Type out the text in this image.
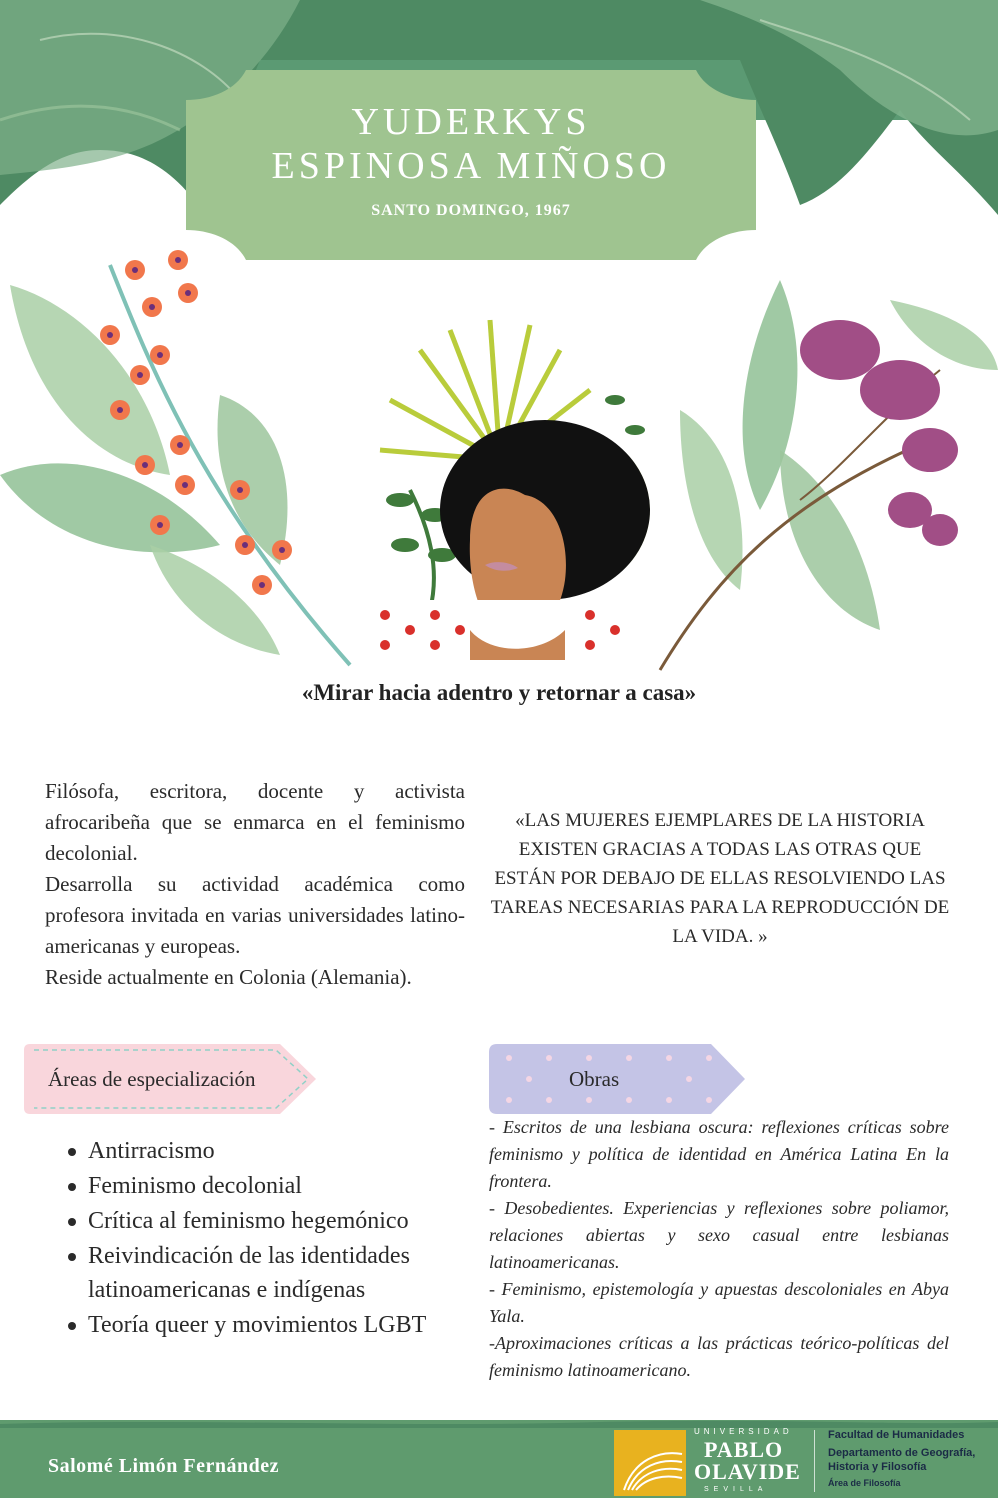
YUDERKYS
ESPINOSA MIÑOSO
SANTO DOMINGO, 1967
«Mirar hacia adentro y retornar a casa»

Filósofa, escritora, docente y activista afrocaribeña que se enmarca en el feminismo decolonial.

Desarrolla su actividad académica como profesora invitada en varias universidades latino-americanas y europeas.

Reside actualmente en Colonia (Alemania).

«LAS MUJERES EJEMPLARES DE LA HISTORIA EXISTEN GRACIAS A TODAS LAS OTRAS QUE ESTÁN POR DEBAJO DE ELLAS RESOLVIENDO LAS TAREAS NECESARIAS PARA LA REPRODUCCIÓN DE LA VIDA. »
Áreas de especialización
Antirracismo
Feminismo decolonial
Crítica al feminismo hegemónico
Reivindicación de las identidades latinoamericanas e indígenas
Teoría queer y movimientos LGBT
Obras

- Escritos de una lesbiana oscura: reflexiones críticas sobre feminismo y política de identidad en América Latina En la frontera.

- Desobedientes. Experiencias y reflexiones sobre poliamor, relaciones abiertas y sexo casual entre lesbianas latinoamericanas.

- Feminismo, epistemología y apuestas descoloniales en Abya Yala.

-Aproximaciones críticas a las prácticas teórico-políticas del feminismo latinoamericano.

Salomé Limón Fernández
UNIVERSIDAD
PABLO
OLAVIDE
SEVILLA
Facultad de Humanidades
Departamento de Geografía,
Historia y Filosofía
Área de Filosofía
